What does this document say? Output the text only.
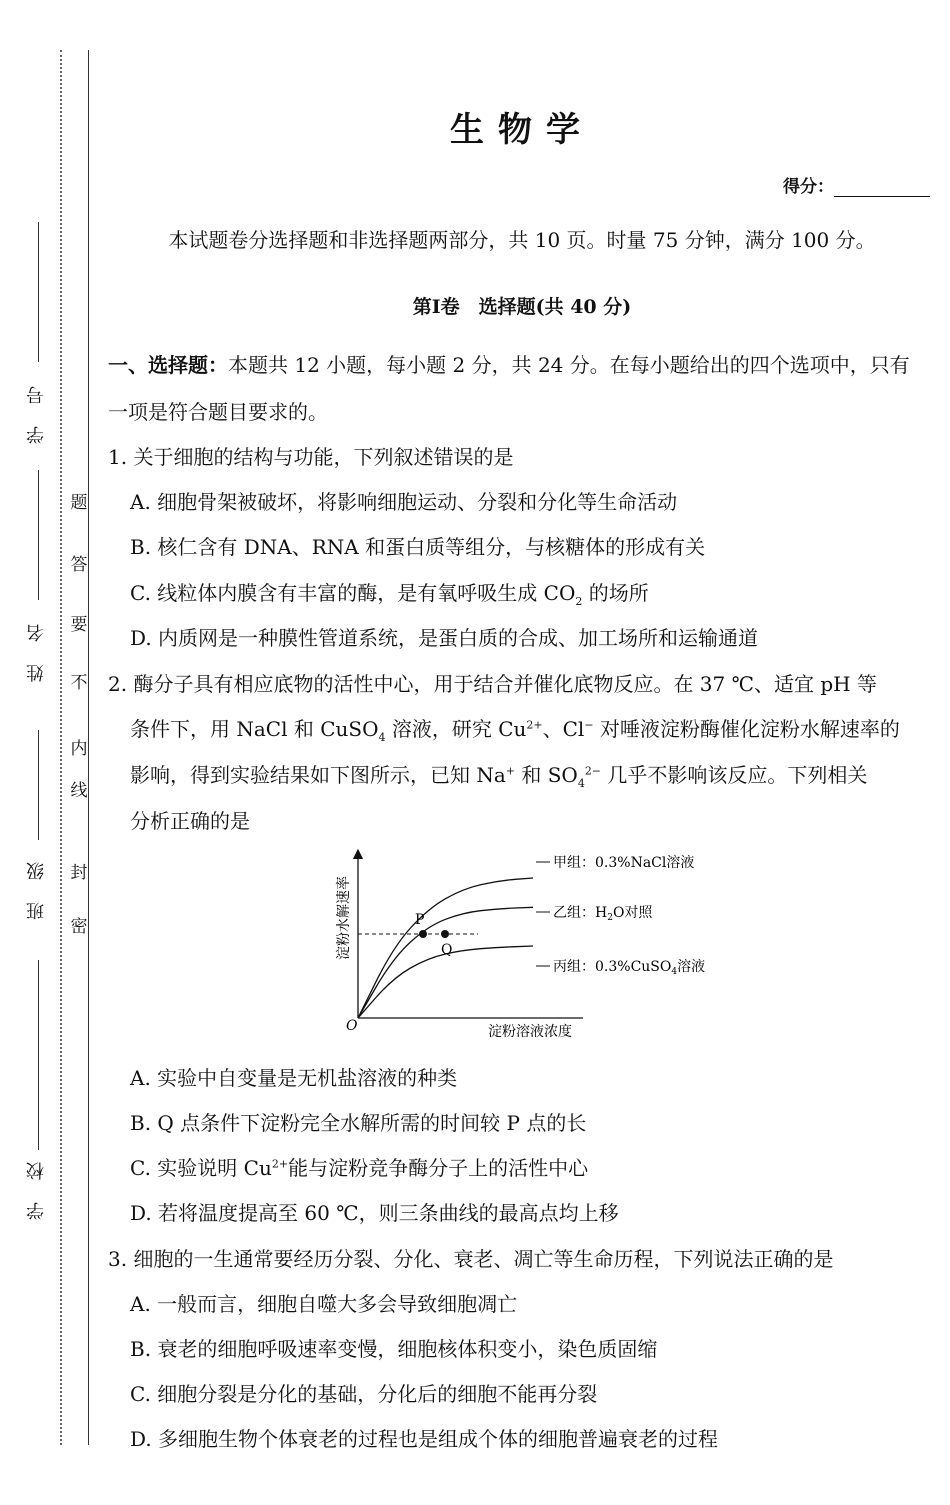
学　号
姓　名
班　级
学　校
密
封
线
内
不
要
答
题
生物学
得分：
本试题卷分选择题和非选择题两部分，共 10 页。时量 75 分钟，满分 100 分。
第Ⅰ卷　选择题(共 40 分)
一、选择题：本题共 12 小题，每小题 2 分，共 24 分。在每小题给出的四个选项中，只有
一项是符合题目要求的。
1. 关于细胞的结构与功能，下列叙述错误的是
A. 细胞骨架被破坏，将影响细胞运动、分裂和分化等生命活动
B. 核仁含有 DNA、RNA 和蛋白质等组分，与核糖体的形成有关
C. 线粒体内膜含有丰富的酶，是有氧呼吸生成 $CO_2$ 的场所
D. 内质网是一种膜性管道系统，是蛋白质的合成、加工场所和运输通道
2. 酶分子具有相应底物的活性中心，用于结合并催化底物反应。在 37 ℃、适宜 pH 等
条件下，用 NaCl 和 CuSO$_4$ 溶液，研究 $Cu^{2+}$、Cl− 对唾液淀粉酶催化淀粉水解速率的
影响，得到实验结果如下图所示，已知 Na+ 和 $SO_4^{2-}$ 几乎不影响该反应。下列相关
分析正确的是
A. 实验中自变量是无机盐溶液的种类
B. Q 点条件下淀粉完全水解所需的时间较 P 点的长
C. 实验说明 $Cu^{2+}$能与淀粉竞争酶分子上的活性中心
D. 若将温度提高至 60 ℃，则三条曲线的最高点均上移
3. 细胞的一生通常要经历分裂、分化、衰老、凋亡等生命历程，下列说法正确的是
A. 一般而言，细胞自噬大多会导致细胞凋亡
B. 衰老的细胞呼吸速率变慢，细胞核体积变小，染色质固缩
C. 细胞分裂是分化的基础，分化后的细胞不能再分裂
D. 多细胞生物个体衰老的过程也是组成个体的细胞普遍衰老的过程
O	淀粉溶液浓度
淀粉水解速率
甲组：0.3%NaCl溶液
乙组：$H_2O$对照
丙组：0.3%CuSO$_4$溶液
P
Q
